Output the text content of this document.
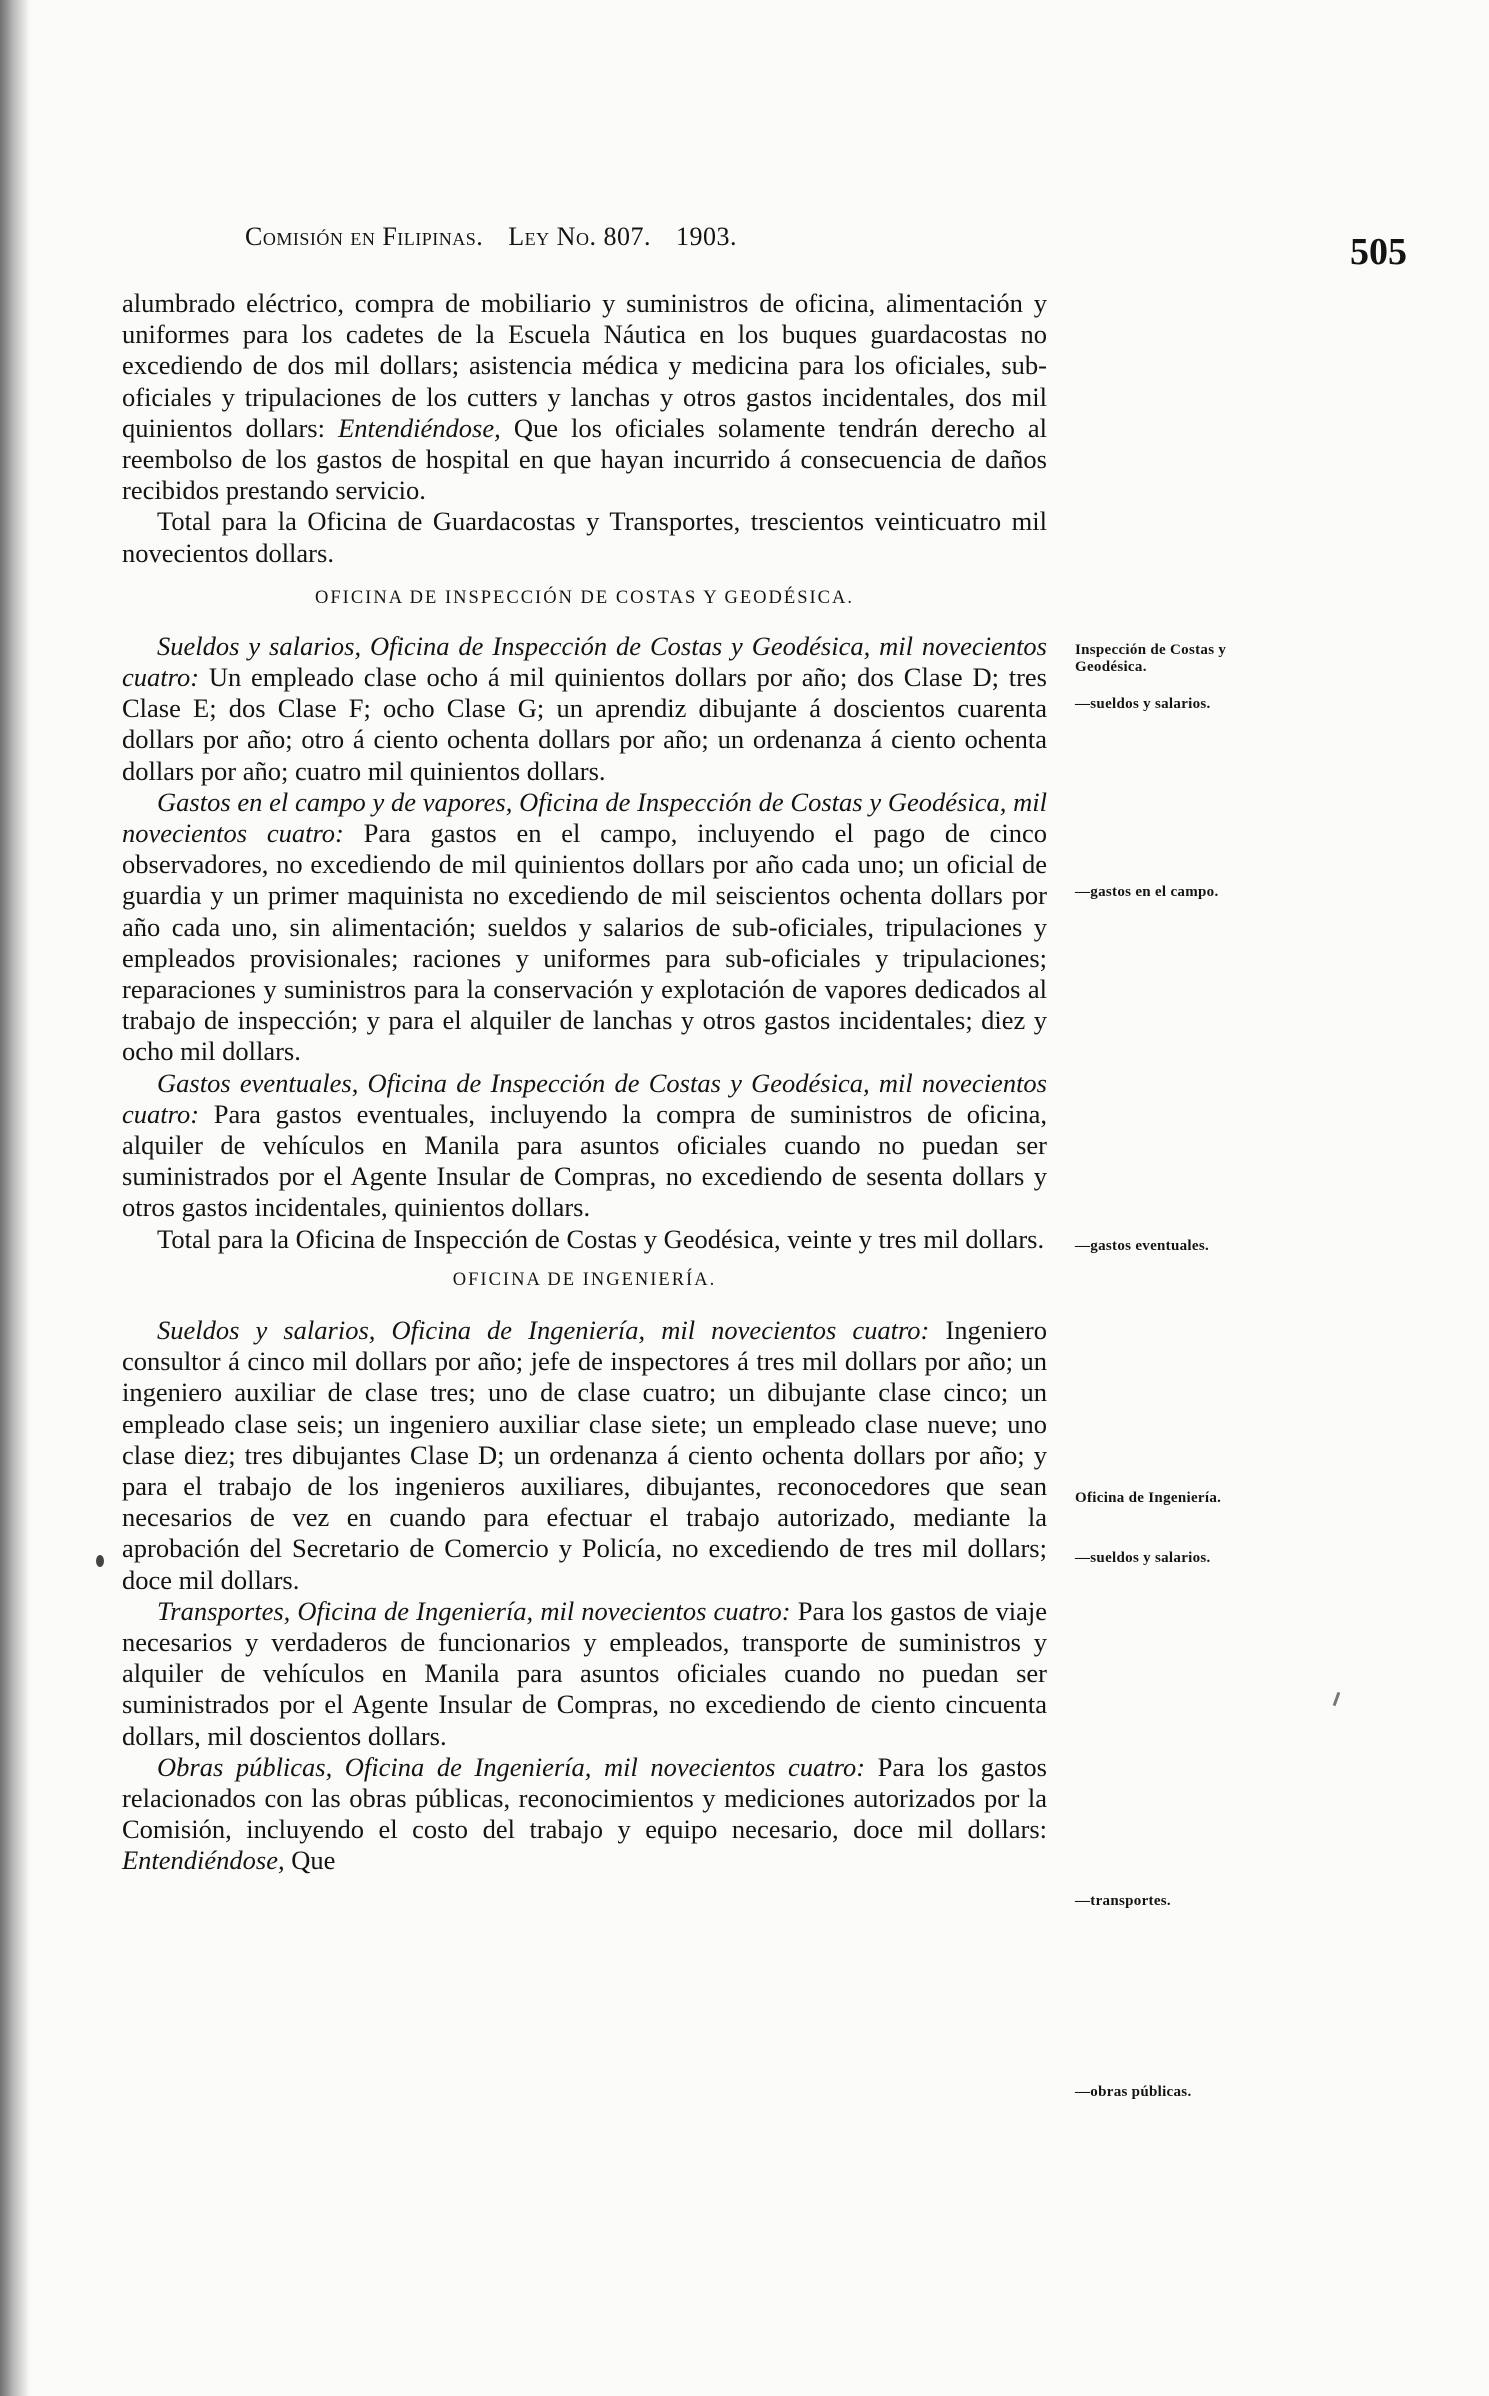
Comisión en Filipinas. Ley No. 807. 1903.	505

alumbrado eléctrico, compra de mobiliario y suministros de oficina, alimentación y uniformes para los cadetes de la Escuela Náutica en los buques guardacostas no excediendo de dos mil dollars; asistencia médica y medicina para los oficiales, sub-oficiales y tripulaciones de los cutters y lanchas y otros gastos incidentales, dos mil quinientos dollars: Entendiéndose, Que los oficiales solamente tendrán derecho al reembolso de los gastos de hospital en que hayan incurrido á consecuencia de daños recibidos prestando servicio.

Total para la Oficina de Guardacostas y Transportes, trescientos veinticuatro mil novecientos dollars.

OFICINA DE INSPECCIÓN DE COSTAS Y GEODÉSICA.

Sueldos y salarios, Oficina de Inspección de Costas y Geodésica, mil novecientos cuatro: Un empleado clase ocho á mil quinientos dollars por año; dos Clase D; tres Clase E; dos Clase F; ocho Clase G; un aprendiz dibujante á doscientos cuarenta dollars por año; otro á ciento ochenta dollars por año; un ordenanza á ciento ochenta dollars por año; cuatro mil quinientos dollars.

Gastos en el campo y de vapores, Oficina de Inspección de Costas y Geodésica, mil novecientos cuatro: Para gastos en el campo, incluyendo el pago de cinco observadores, no excediendo de mil quinientos dollars por año cada uno; un oficial de guardia y un primer maquinista no excediendo de mil seiscientos ochenta dollars por año cada uno, sin alimentación; sueldos y salarios de sub-oficiales, tripulaciones y empleados provisionales; raciones y uniformes para sub-oficiales y tripulaciones; reparaciones y suministros para la conservación y explotación de vapores dedicados al trabajo de inspección; y para el alquiler de lanchas y otros gastos incidentales; diez y ocho mil dollars.

Gastos eventuales, Oficina de Inspección de Costas y Geodésica, mil novecientos cuatro: Para gastos eventuales, incluyendo la compra de suministros de oficina, alquiler de vehículos en Manila para asuntos oficiales cuando no puedan ser suministrados por el Agente Insular de Compras, no excediendo de sesenta dollars y otros gastos incidentales, quinientos dollars.

Total para la Oficina de Inspección de Costas y Geodésica, veinte y tres mil dollars.

OFICINA DE INGENIERÍA.

Sueldos y salarios, Oficina de Ingeniería, mil novecientos cuatro: Ingeniero consultor á cinco mil dollars por año; jefe de inspectores á tres mil dollars por año; un ingeniero auxiliar de clase tres; uno de clase cuatro; un dibujante clase cinco; un empleado clase seis; un ingeniero auxiliar clase siete; un empleado clase nueve; uno clase diez; tres dibujantes Clase D; un ordenanza á ciento ochenta dollars por año; y para el trabajo de los ingenieros auxiliares, dibujantes, reconocedores que sean necesarios de vez en cuando para efectuar el trabajo autorizado, mediante la aprobación del Secretario de Comercio y Policía, no excediendo de tres mil dollars; doce mil dollars.

Transportes, Oficina de Ingeniería, mil novecientos cuatro: Para los gastos de viaje necesarios y verdaderos de funcionarios y empleados, transporte de suministros y alquiler de vehículos en Manila para asuntos oficiales cuando no puedan ser suministrados por el Agente Insular de Compras, no excediendo de ciento cincuenta dollars, mil doscientos dollars.

Obras públicas, Oficina de Ingeniería, mil novecientos cuatro: Para los gastos relacionados con las obras públicas, reconocimientos y mediciones autorizados por la Comisión, incluyendo el costo del trabajo y equipo necesario, doce mil dollars: Entendiéndose, Que

Inspección de Costas y Geodésica.
—sueldos y salarios.
—gastos en el campo.
—gastos eventuales.
Oficina de Ingeniería.
—sueldos y salarios.
—transportes.
—obras públicas.
